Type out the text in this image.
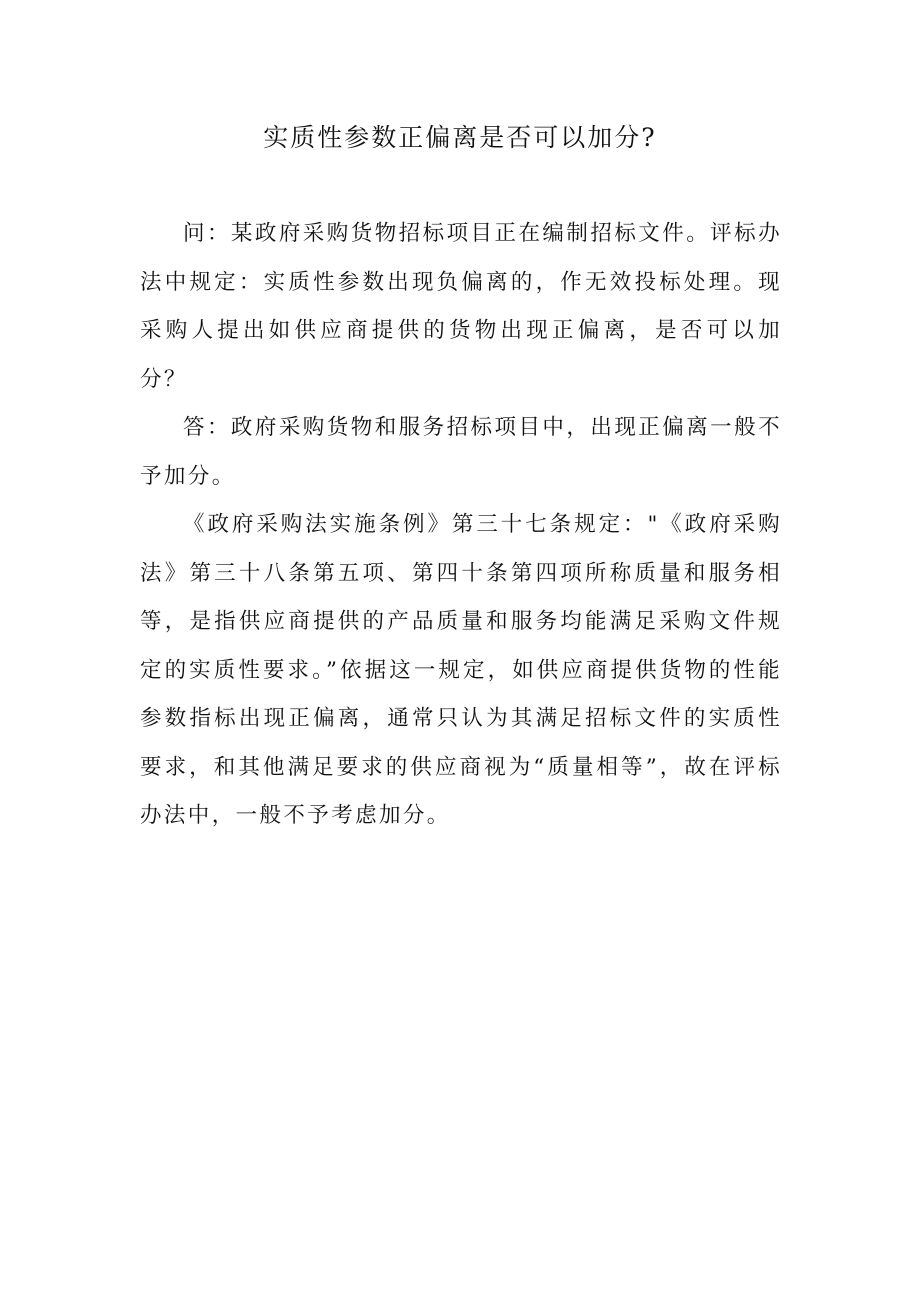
实质性参数正偏离是否可以加分?

问：某政府采购货物招标项目正在编制招标文件。评标办法中规定：实质性参数出现负偏离的，作无效投标处理。现采购人提出如供应商提供的货物出现正偏离，是否可以加分？

答：政府采购货物和服务招标项目中，出现正偏离一般不予加分。

《政府采购法实施条例》第三十七条规定："《政府采购法》第三十八条第五项、第四十条第四项所称质量和服务相等，是指供应商提供的产品质量和服务均能满足采购文件规定的实质性要求。”依据这一规定，如供应商提供货物的性能参数指标出现正偏离，通常只认为其满足招标文件的实质性要求，和其他满足要求的供应商视为“质量相等”，故在评标办法中，一般不予考虑加分。
